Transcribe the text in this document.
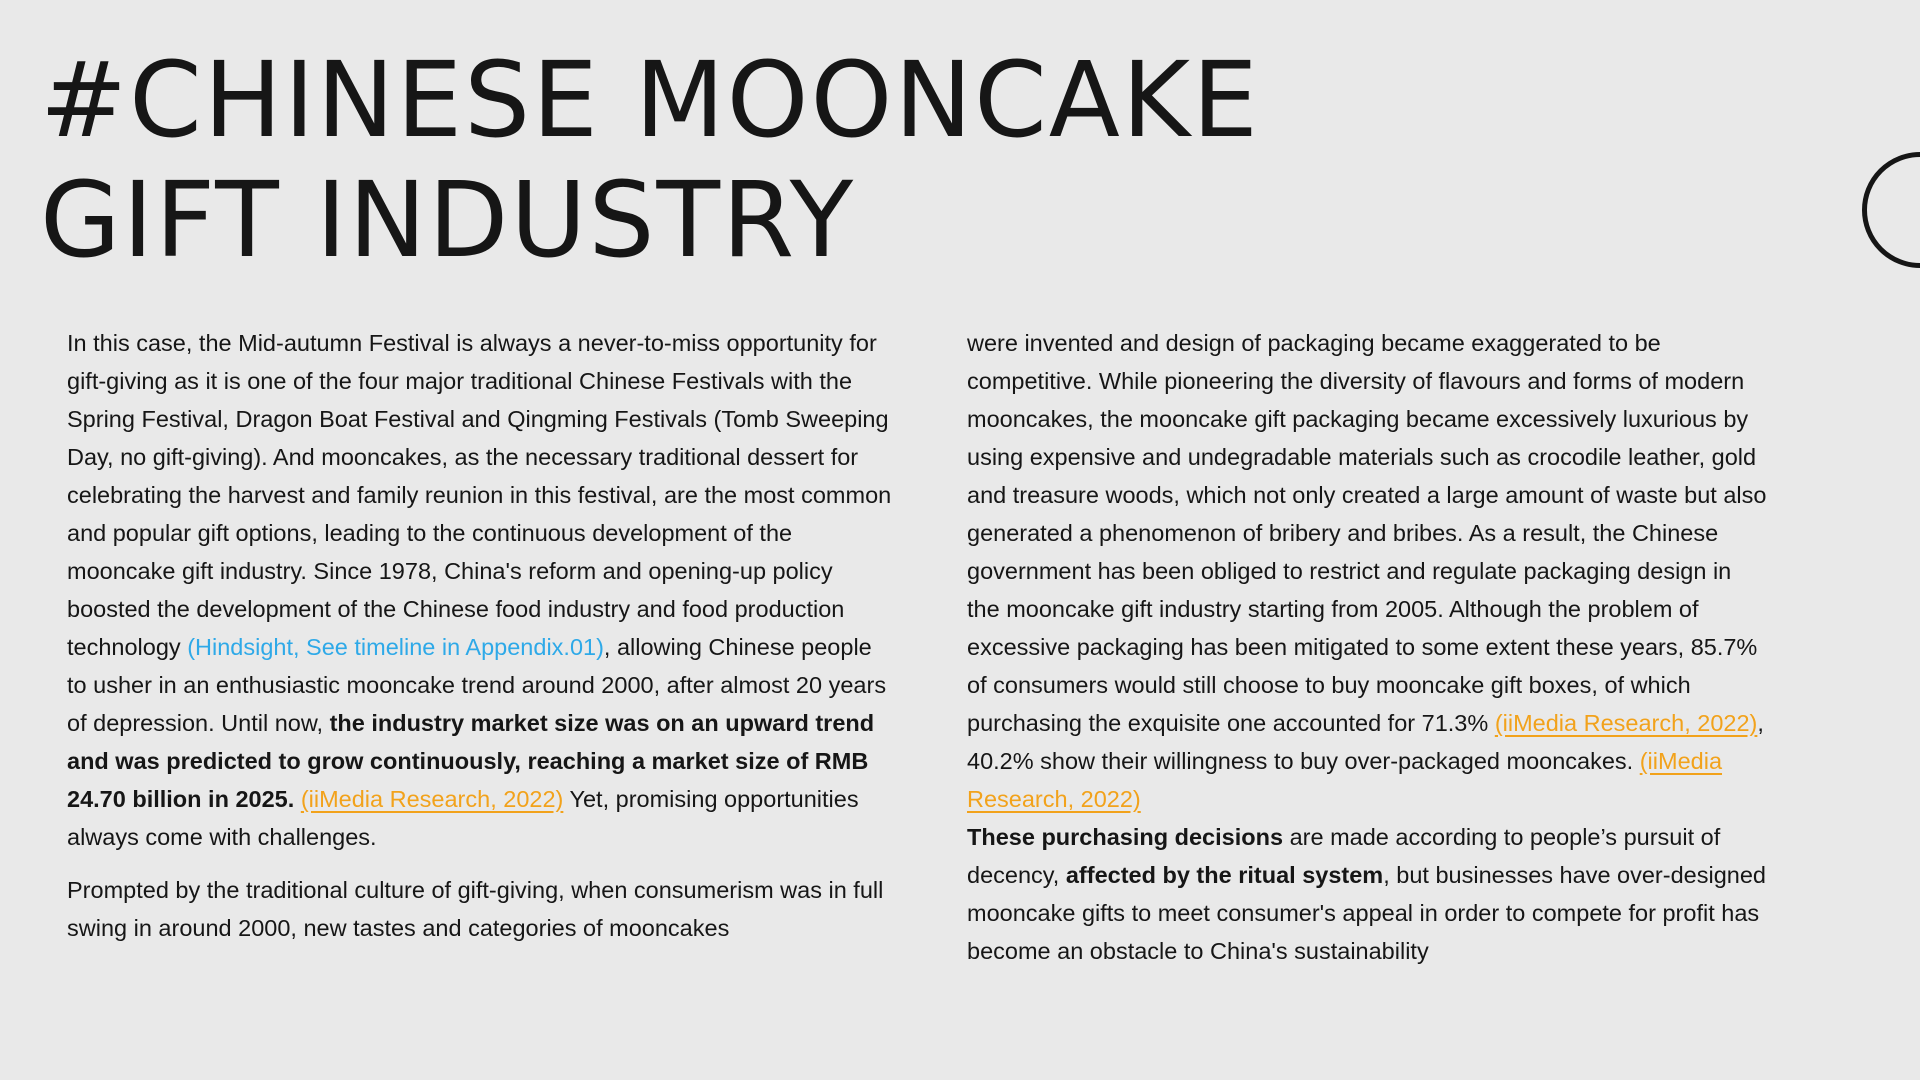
#CHINESE MOONCAKE
GIFT INDUSTRY

In this case, the Mid-autumn Festival is always a never-to-miss opportunity for gift-giving as it is one of the four major traditional Chinese Festivals with the Spring Festival, Dragon Boat Festival and Qingming Festivals (Tomb Sweeping Day, no gift-giving). And mooncakes, as the necessary traditional dessert for celebrating the harvest and family reunion in this festival, are the most common and popular gift options, leading to the continuous development of the mooncake gift industry. Since 1978, China's reform and opening-up policy boosted the development of the Chinese food industry and food production technology (Hindsight, See timeline in Appendix.01), allowing Chinese people to usher in an enthusiastic mooncake trend around 2000, after almost 20 years of depression. Until now, the industry market size was on an upward trend and was predicted to grow continuously, reaching a market size of RMB 24.70 billion in 2025. (iiMedia Research, 2022) Yet, promising opportunities always come with challenges.

Prompted by the traditional culture of gift-giving, when consumerism was in full swing in around 2000, new tastes and categories of mooncakes

were invented and design of packaging became exaggerated to be competitive. While pioneering the diversity of flavours and forms of modern mooncakes, the mooncake gift packaging became excessively luxurious by using expensive and undegradable materials such as crocodile leather, gold and treasure woods, which not only created a large amount of waste but also generated a phenomenon of bribery and bribes. As a result, the Chinese government has been obliged to restrict and regulate packaging design in the mooncake gift industry starting from 2005. Although the problem of excessive packaging has been mitigated to some extent these years, 85.7% of consumers would still choose to buy mooncake gift boxes, of which purchasing the exquisite one accounted for 71.3% (iiMedia Research, 2022), 40.2% show their willingness to buy over-packaged mooncakes. (iiMedia Research, 2022)
These purchasing decisions are made according to people’s pursuit of decency, affected by the ritual system, but businesses have over-designed mooncake gifts to meet consumer's appeal in order to compete for profit has become an obstacle to China's sustainability
